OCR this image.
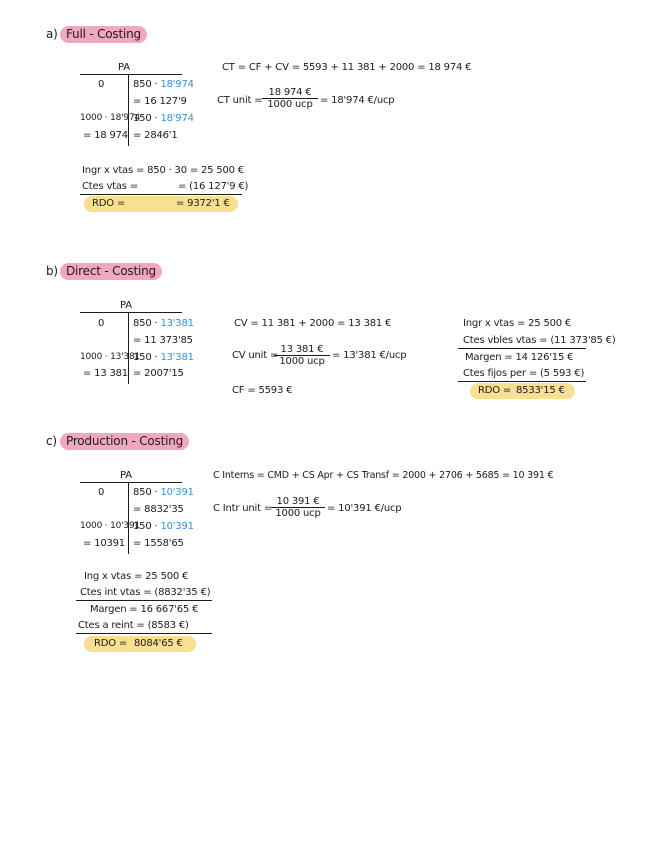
a) Full - Costing
PA
0
1000 · 18'974
= 18 974
850 · 18'974
= 16 127'9
150 · 18'974
= 2846'1
CT = CF + CV = 5593 + 11 381 + 2000 = 18 974 €
CT unit =
18 974 €
1000 ucp = 18'974 €/ucp
Ingr x vtas = 850 · 30 = 25 500 €
Ctes vtas =	= (16 127'9 €)
RDO =	= 9372'1 €
b) Direct - Costing
PA
0
1000 · 13'381
= 13 381
850 · 13'381
= 11 373'85
150 · 13'381
= 2007'15
CV = 11 381 + 2000 = 13 381 €
CV unit =
13 381 €
1000 ucp
= 13'381 €/ucp
CF = 5593 €
Ingr x vtas = 25 500 €
Ctes vbles vtas = (11 373'85 €)
Margen = 14 126'15 €
Ctes fijos per = (5 593 €)
RDO = 8533'15 €
c) Production - Costing
PA
0
1000 · 10'391
= 10391
850 · 10'391
= 8832'35
150 · 10'391
= 1558'65
C Interns = CMD + CS Apr + CS Transf = 2000 + 2706 + 5685 = 10 391 €
C Intr unit =
10 391 €
1000 ucp = 10'391 €/ucp
Ing x vtas = 25 500 €
Ctes int vtas = (8832'35 €)
Margen = 16 667'65 €
Ctes a reint = (8583 €)
RDO = 8084'65 €
